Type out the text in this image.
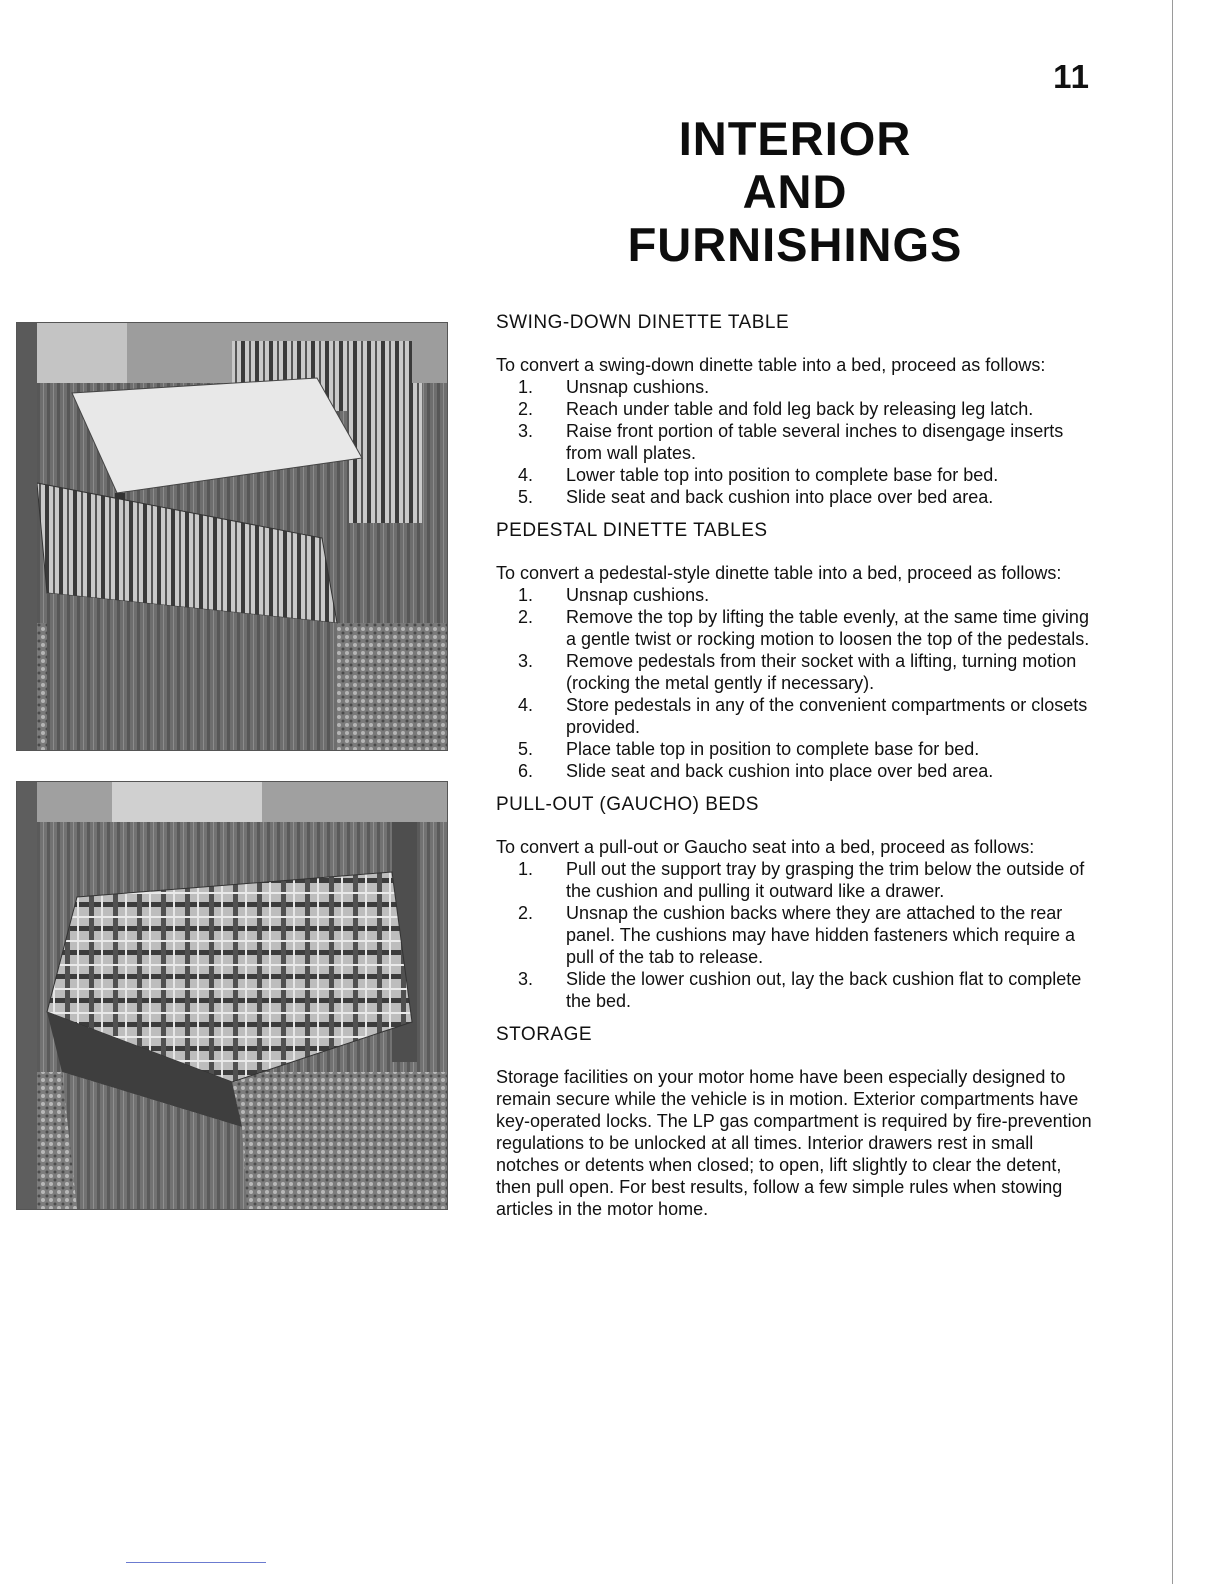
11
INTERIOR
AND
FURNISHINGS

SWING-DOWN DINETTE TABLE

To convert a swing-down dinette table into a bed, proceed as follows:

1. Unsnap cushions.
2. Reach under table and fold leg back by releasing leg latch.
3. Raise front portion of table several inches to disengage inserts from wall plates.
4. Lower table top into position to complete base for bed.
5. Slide seat and back cushion into place over bed area.

PEDESTAL DINETTE TABLES

To convert a pedestal-style dinette table into a bed, proceed as follows:

1. Unsnap cushions.
2. Remove the top by lifting the table evenly, at the same time giving a gentle twist or rocking motion to loosen the top of the pedestals.
3. Remove pedestals from their socket with a lifting, turning motion (rocking the metal gently if necessary).
4. Store pedestals in any of the convenient compartments or closets provided.
5. Place table top in position to complete base for bed.
6. Slide seat and back cushion into place over bed area.

PULL-OUT (GAUCHO) BEDS

To convert a pull-out or Gaucho seat into a bed, proceed as follows:

1. Pull out the support tray by grasping the trim below the outside of the cushion and pulling it outward like a drawer.
2. Unsnap the cushion backs where they are attached to the rear panel. The cushions may have hidden fasteners which require a pull of the tab to release.
3. Slide the lower cushion out, lay the back cushion flat to complete the bed.

STORAGE

Storage facilities on your motor home have been especially designed to remain secure while the vehicle is in motion. Exterior compartments have key-operated locks. The LP gas compartment is required by fire-prevention regulations to be unlocked at all times. Interior drawers rest in small notches or detents when closed; to open, lift slightly to clear the detent, then pull open. For best results, follow a few simple rules when stowing articles in the motor home.
